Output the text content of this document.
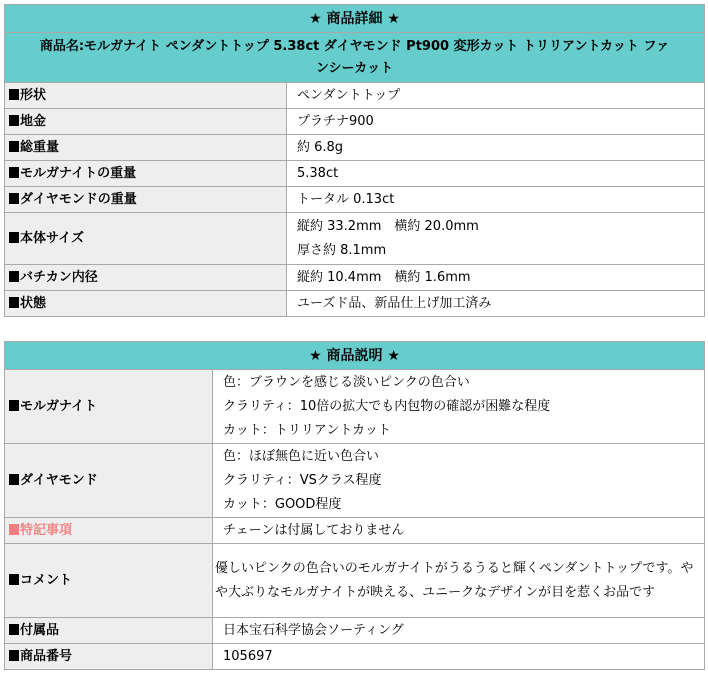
★ 商品詳細 ★	
商品名:モルガナイト ペンダントトップ 5.38ct ダイヤモンド Pt900 変形カット トリリアントカット ファンシーカット	
形状	ペンダントトップ
地金	プラチナ900
総重量	約 6.8g
モルガナイトの重量	5.38ct
ダイヤモンドの重量	トータル 0.13ct
本体サイズ	縦約 33.2mm　横約 20.0mm
厚さ約 8.1mm

バチカン内径	縦約 10.4mm　横約 1.6mm
状態	ユーズド品、新品仕上げ加工済み
★ 商品説明 ★	
モルガナイト	色：ブラウンを感じる淡いピンクの色合い
クラリティ：10倍の拡大でも内包物の確認が困難な程度
カット：トリリアントカット

ダイヤモンド	色：ほぼ無色に近い色合い
クラリティ：VSクラス程度
カット：GOOD程度

特記事項	チェーンは付属しておりません
コメント	優しいピンクの色合いのモルガナイトがうるうると輝くペンダントトップです。やや大ぶりなモルガナイトが映える、ユニークなデザインが目を惹くお品です
付属品	日本宝石科学協会ソーティング
商品番号	105697
